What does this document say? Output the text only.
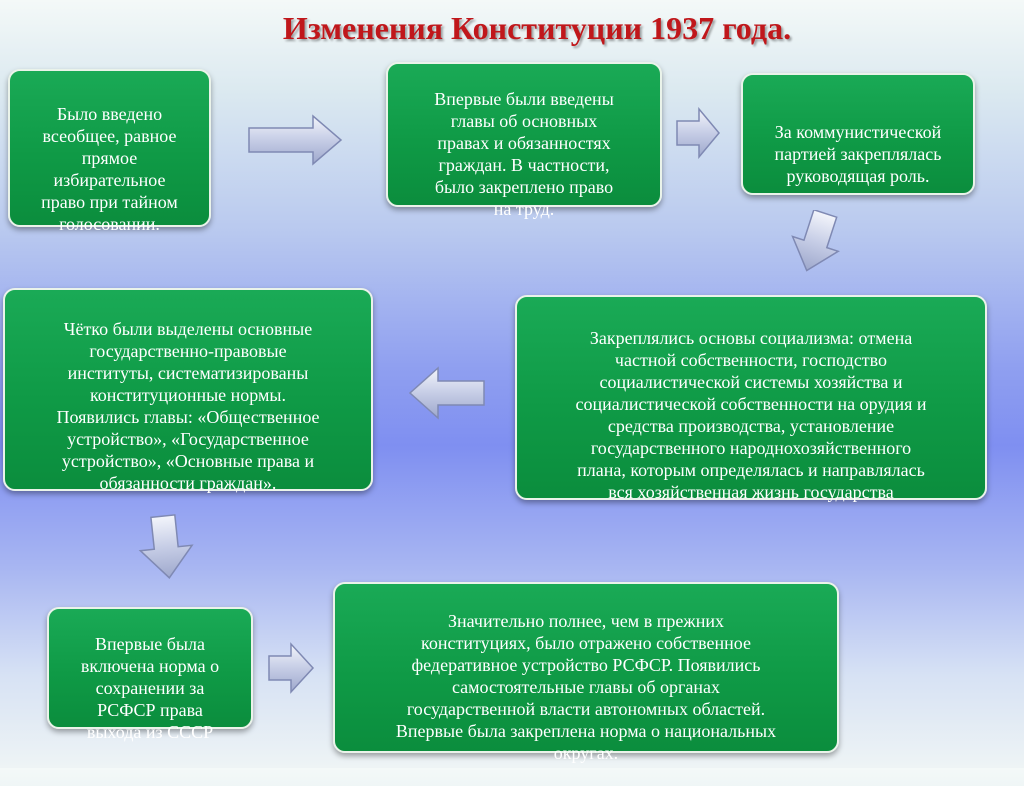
Изменения Конституции 1937 года.

Было введено
всеобщее, равное
прямое
избирательное
право при тайном
голосовании.

Впервые были введены
главы об основных
правах и обязанностях
граждан. В частности,
было закреплено право
на труд.

За коммунистической
партией закреплялась
руководящая роль.

Закреплялись основы социализма: отмена
частной собственности, господство
социалистической системы хозяйства и
социалистической собственности на орудия и
средства производства, установление
государственного народнохозяйственного
плана, которым определялась и направлялась
вся хозяйственная жизнь государства

Чётко были выделены основные
государственно-правовые
институты, систематизированы
конституционные нормы.
Появились главы: «Общественное
устройство», «Государственное
устройство», «Основные права и
обязанности граждан».

Впервые была
включена норма о
сохранении за
РСФСР права
выхода из СССР

Значительно полнее, чем в прежних
конституциях, было отражено собственное
федеративное устройство РСФСР. Появились
самостоятельные главы об органах
государственной власти автономных областей.
Впервые была закреплена норма о национальных
округах.
